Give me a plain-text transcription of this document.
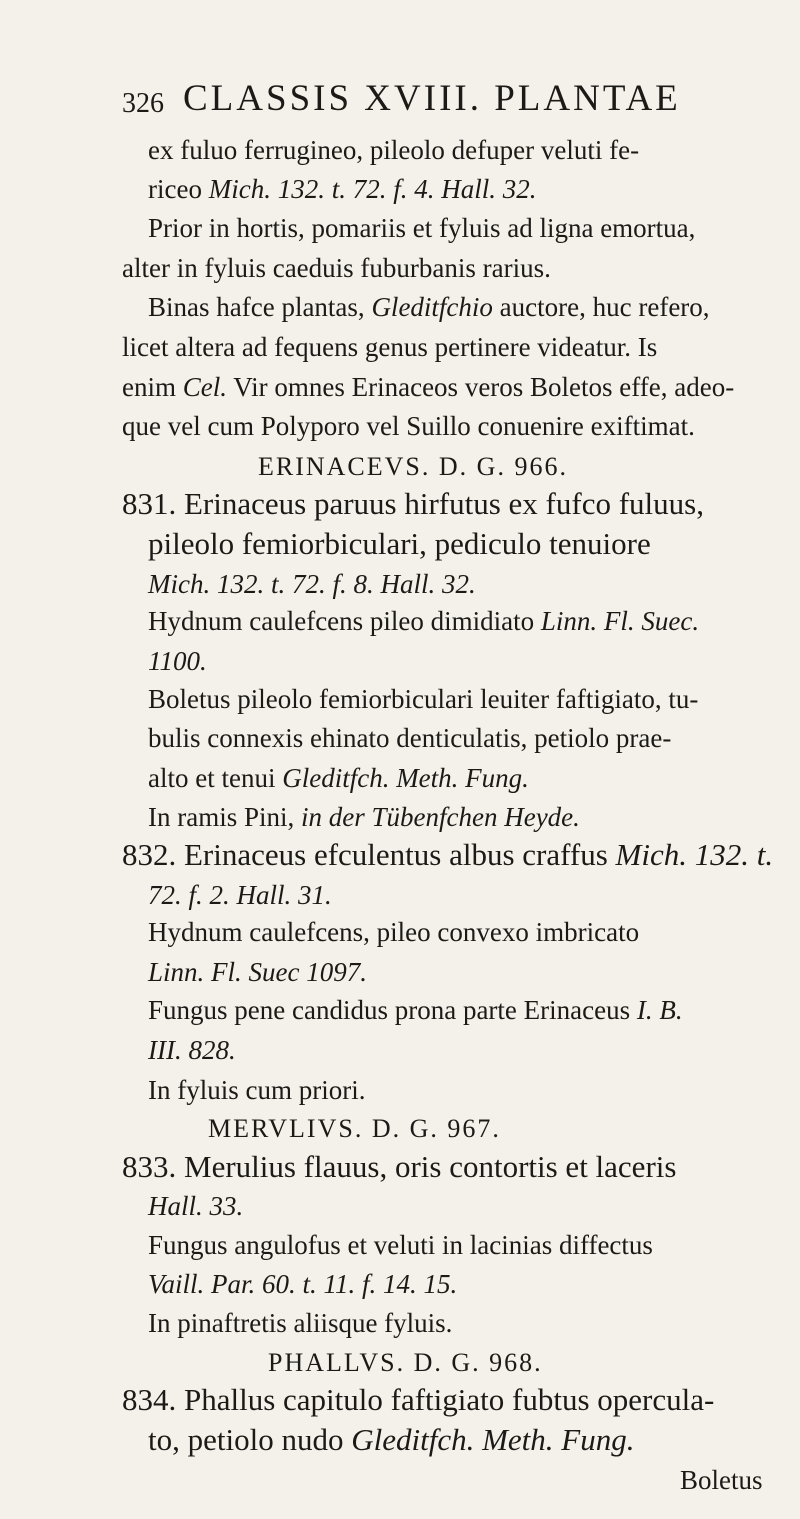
326 CLASSIS XVIII. PLANTAE
ex fuluo ferrugineo, pileolo defuper veluti fe-
riceo Mich. 132. t. 72. f. 4. Hall. 32.
Prior in hortis, pomariis et fyluis ad ligna emortua,
alter in fyluis caeduis fuburbanis rarius.
Binas hafce plantas, Gleditfchio auctore, huc refero,
licet altera ad fequens genus pertinere videatur. Is
enim Cel. Vir omnes Erinaceos veros Boletos effe, adeo-
que vel cum Polyporo vel Suillo conuenire exiftimat.
ERINACEVS. D. G. 966.
831. Erinaceus paruus hirfutus ex fufco fuluus,
pileolo femiorbiculari, pediculo tenuiore
Mich. 132. t. 72. f. 8. Hall. 32.
Hydnum caulefcens pileo dimidiato Linn. Fl. Suec.
1100.
Boletus pileolo femiorbiculari leuiter faftigiato, tu-
bulis connexis ehinato denticulatis, petiolo prae-
alto et tenui Gleditfch. Meth. Fung.
In ramis Pini, in der Tübenfchen Heyde.
832. Erinaceus efculentus albus craffus Mich. 132. t.
72. f. 2. Hall. 31.
Hydnum caulefcens, pileo convexo imbricato
Linn. Fl. Suec 1097.
Fungus pene candidus prona parte Erinaceus I. B.
III. 828.
In fyluis cum priori.
MERVLIVS. D. G. 967.
833. Merulius flauus, oris contortis et laceris
Hall. 33.
Fungus angulofus et veluti in lacinias diffectus
Vaill. Par. 60. t. 11. f. 14. 15.
In pinaftretis aliisque fyluis.
PHALLVS. D. G. 968.
834. Phallus capitulo faftigiato fubtus opercula-
to, petiolo nudo Gleditfch. Meth. Fung.
Boletus
